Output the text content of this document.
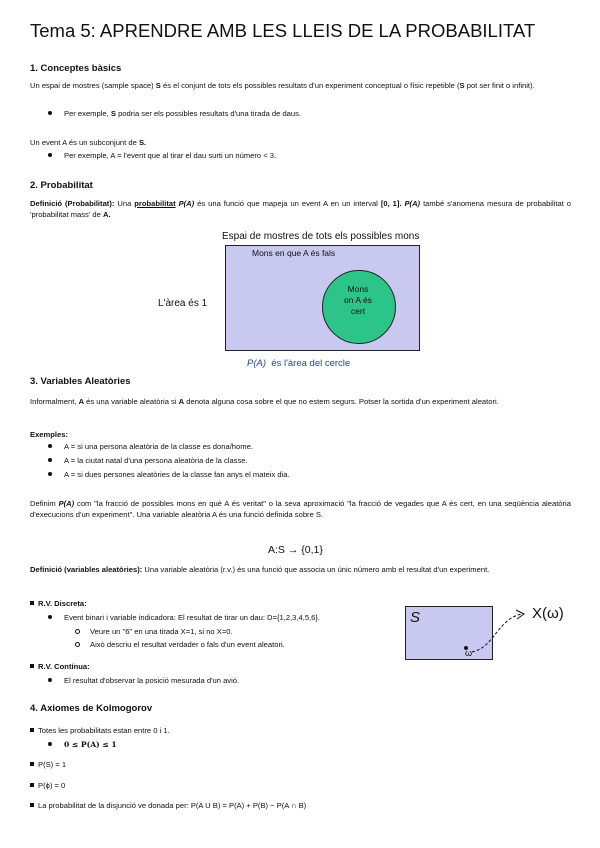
Tema 5: APRENDRE AMB LES LLEIS DE LA PROBABILITAT
1. Conceptes bàsics
Un espai de mostres (sample space) S és el conjunt de tots els possibles resultats d'un experiment conceptual o físic repetible (S pot ser finit o infinit).
Per exemple, S podria ser els possibles resultats d'una tirada de daus.
Un event A és un subconjunt de S.
Per exemple, A = l'event que al tirar el dau surti un número < 3.
2. Probabilitat
Definició (Probabilitat): Una probabilitat P(A) és una funció que mapeja un event A en un interval [0, 1]. P(A) també s'anomena mesura de probabilitat o 'probabilitat mass' de A.
Espai de mostres de tots els possibles mons
Mons en que A és fals
Mons
on A és
cert
L'àrea és 1
P(A) és l'àrea del cercle
3. Variables Aleatòries
Informalment, A és una variable aleatòria si A denota alguna cosa sobre el que no estem segurs. Potser la sortida d'un experiment aleatori.
Exemples:
A = si una persona aleatòria de la classe es dona/home.
A = la ciutat natal d'una persona aleatòria de la classe.
A = si dues persones aleatòries de la classe fan anys el mateix dia.
Definim P(A) com "la fracció de possibles mons en què A és veritat" o la seva aproximació "la fracció de vegades que A és cert, en una seqüència aleatòria d'execucions d'un experiment". Una variable aleatòria A és una funció definida sobre S.
A:S → {0,1}
Definició (variables aleatòries): Una variable aleatòria (r.v.) és una funció que associa un únic número amb el resultat d'un experiment.
R.V. Discreta:
Event binari i variable indicadora: El resultat de tirar un dau: D={1,2,3,4,5,6}.
Veure un "6" en una tirada X=1, si no X=0.
Això descriu el resultat verdader o fals d'un event aleatori.
S
ω
X(ω)
R.V. Contínua:
El resultat d'observar la posició mesurada d'un avió.
4. Axiomes de Kolmogorov
Totes les probabilitats estan entre 0 i 1.
0 ≤ P(A) ≤ 1
P(S) = 1
P(ϕ) = 0
La probabilitat de la disjunció ve donada per: P(A U B) = P(A) + P(B) − P(A ∩ B)
